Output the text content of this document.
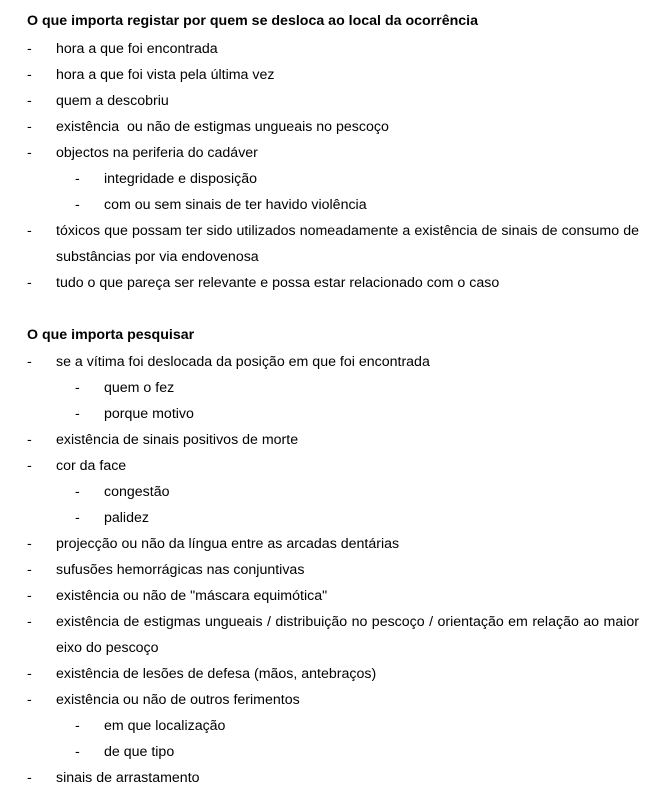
O que importa registar por quem se desloca ao local da ocorrência
-	hora a que foi encontrada
-	hora a que foi vista pela última vez
-	quem a descobriu
-	existência  ou não de estigmas ungueais no pescoço
-	objectos na periferia do cadáver
-	integridade e disposição
-	com ou sem sinais de ter havido violência
-	tóxicos que possam ter sido utilizados nomeadamente a existência de sinais de consumo de substâncias por via endovenosa
-	tudo o que pareça ser relevante e possa estar relacionado com o caso
O que importa pesquisar
-	se a vítima foi deslocada da posição em que foi encontrada
-	quem o fez
-	porque motivo
-	existência de sinais positivos de morte
-	cor da face
-	congestão
-	palidez
-	projecção ou não da língua entre as arcadas dentárias
-	sufusões hemorrágicas nas conjuntivas
-	existência ou não de "máscara equimótica"
-	existência de estigmas ungueais / distribuição no pescoço / orientação em relação ao maior eixo do pescoço
-	existência de lesões de defesa (mãos, antebraços)
-	existência ou não de outros ferimentos
-	em que localização
-	de que tipo
-	sinais de arrastamento
